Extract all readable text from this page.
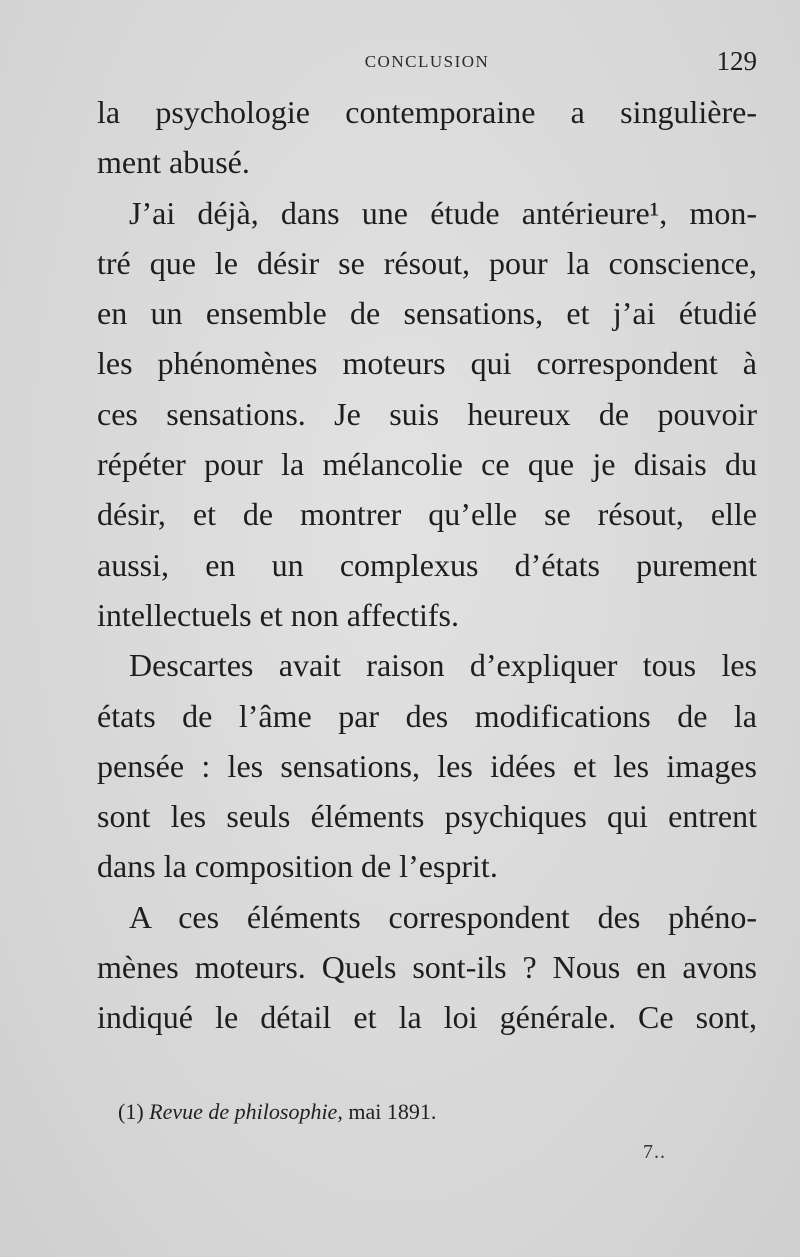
CONCLUSION	129
la psychologie contemporaine a singulière-
ment abusé.
J’ai déjà, dans une étude antérieure¹, mon-
tré que le désir se résout, pour la conscience,
en un ensemble de sensations, et j’ai étudié
les phénomènes moteurs qui correspondent à
ces sensations. Je suis heureux de pouvoir
répéter pour la mélancolie ce que je disais du
désir, et de montrer qu’elle se résout, elle
aussi, en un complexus d’états purement
intellectuels et non affectifs.
Descartes avait raison d’expliquer tous les
états de l’âme par des modifications de la
pensée : les sensations, les idées et les images
sont les seuls éléments psychiques qui entrent
dans la composition de l’esprit.
A ces éléments correspondent des phéno-
mènes moteurs. Quels sont-ils ? Nous en avons
indiqué le détail et la loi générale. Ce sont,
(1) Revue de philosophie, mai 1891.
7..
